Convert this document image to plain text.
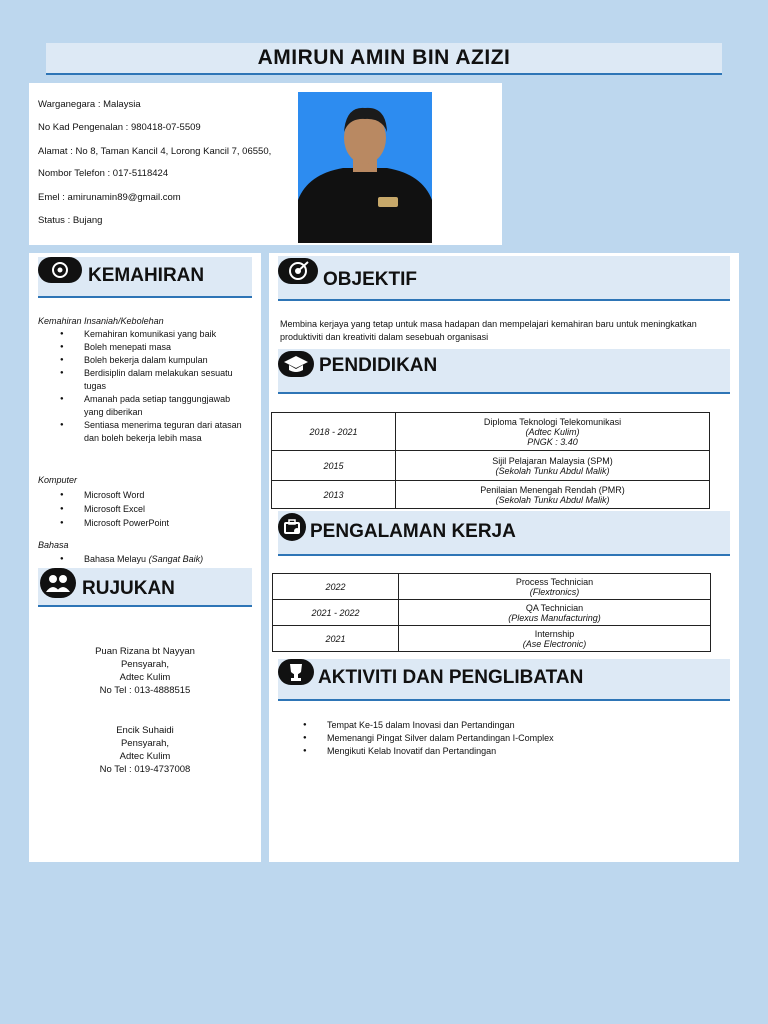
AMIRUN AMIN BIN AZIZI
Warganegara : Malaysia
No Kad Pengenalan : 980418-07-5509
Alamat : No 8, Taman Kancil 4, Lorong Kancil 7, 06550,
Nombor Telefon : 017-5118424
Emel : amirunamin89@gmail.com
Status : Bujang
KEMAHIRAN
Kemahiran Insaniah/Kebolehan
● Kemahiran komunikasi yang baik
● Boleh menepati masa
● Boleh bekerja dalam kumpulan
● Berdisiplin dalam melakukan sesuatu tugas
● Amanah pada setiap tanggungjawab yang diberikan
● Sentiasa menerima teguran dari atasan dan boleh bekerja lebih masa
Komputer
● Microsoft Word
● Microsoft Excel
● Microsoft PowerPoint
Bahasa
● Bahasa Melayu (Sangat Baik)
RUJUKAN
Puan Rizana bt Nayyan
Pensyarah,
Adtec Kulim
No Tel : 013-4888515
Encik Suhaidi
Pensyarah,
Adtec Kulim
No Tel : 019-4737008
OBJEKTIF
Membina kerjaya yang tetap untuk masa hadapan dan mempelajari kemahiran baru untuk meningkatkan produktiviti dan kreativiti dalam sesebuah organisasi
PENDIDIKAN
2018 - 2021	Diploma Teknologi Telekomunikasi
(Adtec Kulim)
PNGK : 3.40

2015	Sijil Pelajaran Malaysia (SPM)
(Sekolah Tunku Abdul Malik)

2013	Penilaian Menengah Rendah (PMR)
(Sekolah Tunku Abdul Malik)
PENGALAMAN KERJA
2022	Process Technician
(Flextronics)

2021 - 2022	QA Technician
(Plexus Manufacturing)

2021	Internship
(Ase Electronic)
AKTIVITI DAN PENGLIBATAN
● Tempat Ke-15 dalam Inovasi dan Pertandingan
● Memenangi Pingat Silver dalam Pertandingan I-Complex
● Mengikuti Kelab Inovatif dan Pertandingan
